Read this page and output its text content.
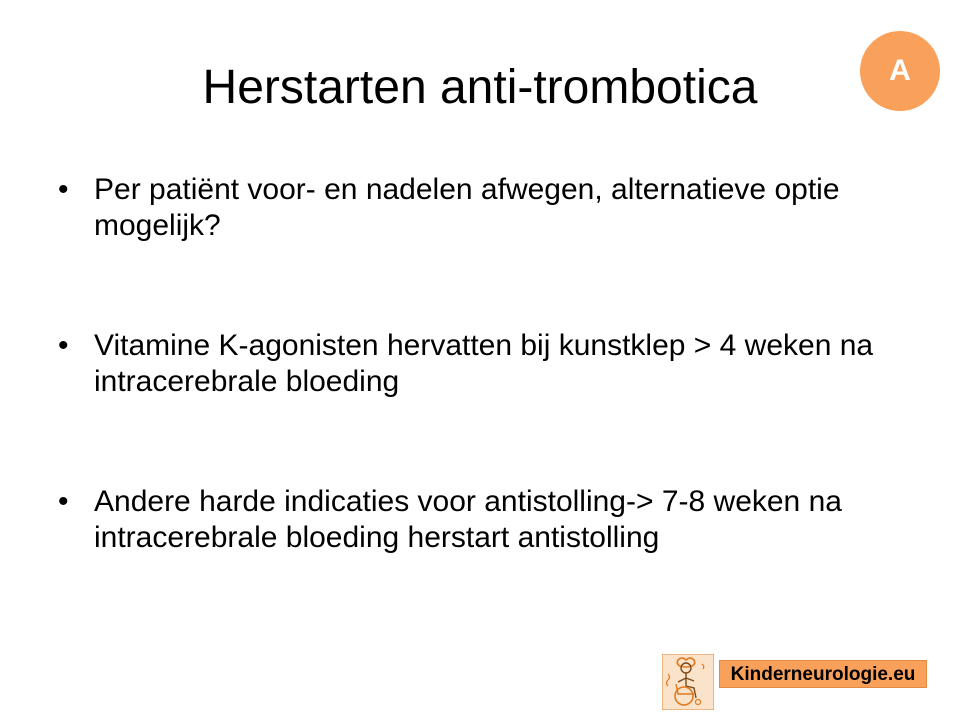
Herstarten anti-trombotica	A
• Per patiënt voor- en nadelen afwegen, alternatieve optie mogelijk?
• Vitamine K-agonisten hervatten bij kunstklep > 4 weken na intracerebrale bloeding
• Andere harde indicaties voor antistolling-> 7-8 weken na intracerebrale bloeding herstart antistolling
Kinderneurologie.eu
